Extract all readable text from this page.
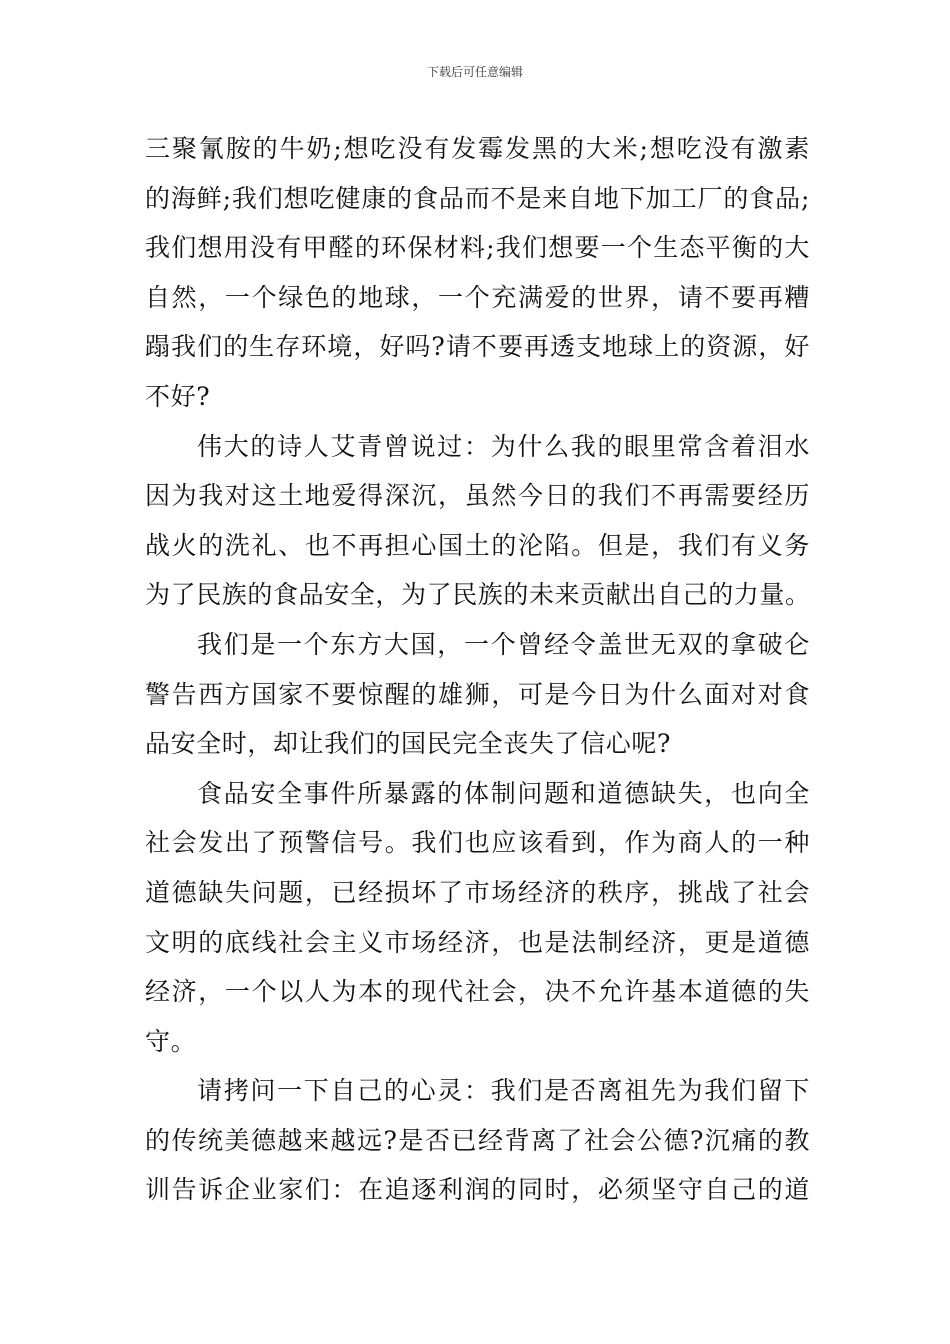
下载后可任意编辑
三聚氰胺的牛奶;想吃没有发霉发黑的大米;想吃没有激素
的海鲜;我们想吃健康的食品而不是来自地下加工厂的食品;
我们想用没有甲醛的环保材料;我们想要一个生态平衡的大
自然，一个绿色的地球，一个充满爱的世界，请不要再糟
蹋我们的生存环境，好吗?请不要再透支地球上的资源，好
不好?
伟大的诗人艾青曾说过：为什么我的眼里常含着泪水
因为我对这土地爱得深沉，虽然今日的我们不再需要经历
战火的洗礼、也不再担心国土的沦陷。但是，我们有义务
为了民族的食品安全，为了民族的未来贡献出自己的力量。
我们是一个东方大国，一个曾经令盖世无双的拿破仑
警告西方国家不要惊醒的雄狮，可是今日为什么面对对食
品安全时，却让我们的国民完全丧失了信心呢?
食品安全事件所暴露的体制问题和道德缺失，也向全
社会发出了预警信号。我们也应该看到，作为商人的一种
道德缺失问题，已经损坏了市场经济的秩序，挑战了社会
文明的底线社会主义市场经济，也是法制经济，更是道德
经济，一个以人为本的现代社会，决不允许基本道德的失
守。
请拷问一下自己的心灵：我们是否离祖先为我们留下
的传统美德越来越远?是否已经背离了社会公德?沉痛的教
训告诉企业家们：在追逐利润的同时，必须坚守自己的道
